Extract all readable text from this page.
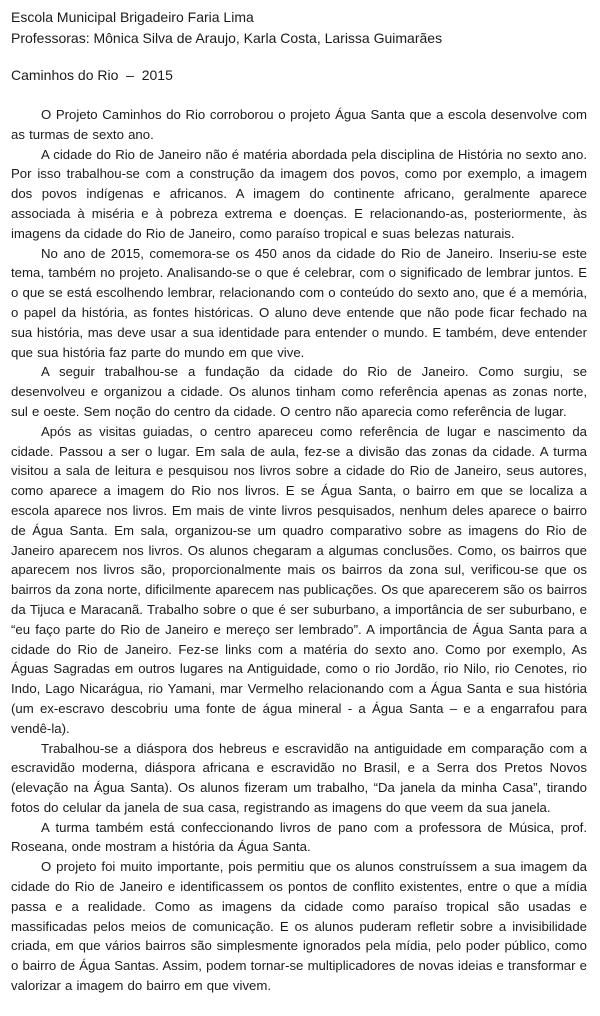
Escola Municipal Brigadeiro Faria Lima

Professoras: Mônica Silva de Araujo, Karla Costa, Larissa Guimarães

Caminhos do Rio  –  2015

O Projeto Caminhos do Rio corroborou o projeto Água Santa que a escola desenvolve com as turmas de sexto ano.

A cidade do Rio de Janeiro não é matéria abordada pela disciplina de História no sexto ano. Por isso trabalhou-se com a construção da imagem dos povos, como por exemplo, a imagem dos povos indígenas e africanos. A imagem do continente africano, geralmente aparece associada à miséria e à pobreza extrema e doenças. E relacionando-as, posteriormente, às imagens da cidade do Rio de Janeiro, como paraíso tropical e suas belezas naturais.

No ano de 2015, comemora-se os 450 anos da cidade do Rio de Janeiro. Inseriu-se este tema, também no projeto. Analisando-se o que é celebrar, com o significado de lembrar juntos. E o que se está escolhendo lembrar, relacionando com o conteúdo do sexto ano, que é a memória, o papel da história, as fontes históricas. O aluno deve entende que não pode ficar fechado na sua história, mas deve usar a sua identidade para entender o mundo. E também, deve entender que sua história faz parte do mundo em que vive.

A seguir trabalhou-se a fundação da cidade do Rio de Janeiro. Como surgiu, se desenvolveu e organizou a cidade. Os alunos tinham como referência apenas as zonas norte, sul e oeste. Sem noção do centro da cidade. O centro não aparecia como referência de lugar.

Após as visitas guiadas, o centro apareceu como referência de lugar e nascimento da cidade. Passou a ser o lugar. Em sala de aula, fez-se a divisão das zonas da cidade. A turma visitou a sala de leitura e pesquisou nos livros sobre a cidade do Rio de Janeiro, seus autores, como aparece a imagem do Rio nos livros. E se Água Santa, o bairro em que se localiza a escola aparece nos livros. Em mais de vinte livros pesquisados, nenhum deles aparece o bairro de Água Santa. Em sala, organizou-se um quadro comparativo sobre as imagens do Rio de Janeiro aparecem nos livros. Os alunos chegaram a algumas conclusões. Como, os bairros que aparecem nos livros são, proporcionalmente mais os bairros da zona sul, verificou-se que os bairros da zona norte, dificilmente aparecem nas publicações. Os que aparecerem são os bairros da Tijuca e Maracanã. Trabalho sobre o que é ser suburbano, a importância de ser suburbano, e “eu faço parte do Rio de Janeiro e mereço ser lembrado”. A importância de Água Santa para a cidade do Rio de Janeiro. Fez-se links com a matéria do sexto ano. Como por exemplo, As Águas Sagradas em outros lugares na Antiguidade, como o rio Jordão, rio Nilo, rio Cenotes, rio Indo, Lago Nicarágua, rio Yamani, mar Vermelho relacionando com a Água Santa e sua história (um ex-escravo descobriu uma fonte de água mineral - a Água Santa – e a engarrafou para vendê-la).

Trabalhou-se a diáspora dos hebreus e escravidão na antiguidade em comparação com a escravidão moderna, diáspora africana e escravidão no Brasil, e a Serra dos Pretos Novos (elevação na Água Santa). Os alunos fizeram um trabalho, “Da janela da minha Casa”, tirando fotos do celular da janela de sua casa, registrando as imagens do que veem da sua janela.

A turma também está confeccionando livros de pano com a professora de Música, prof. Roseana, onde mostram a história da Água Santa.

O projeto foi muito importante, pois permitiu que os alunos construíssem a sua imagem da cidade do Rio de Janeiro e identificassem os pontos de conflito existentes, entre o que a mídia passa e a realidade. Como as imagens da cidade como paraíso tropical são usadas e massificadas pelos meios de comunicação. E os alunos puderam refletir sobre a invisibilidade criada, em que vários bairros são simplesmente ignorados pela mídia, pelo poder público, como o bairro de Água Santas. Assim, podem tornar-se multiplicadores de novas ideias e transformar e valorizar a imagem do bairro em que vivem.
